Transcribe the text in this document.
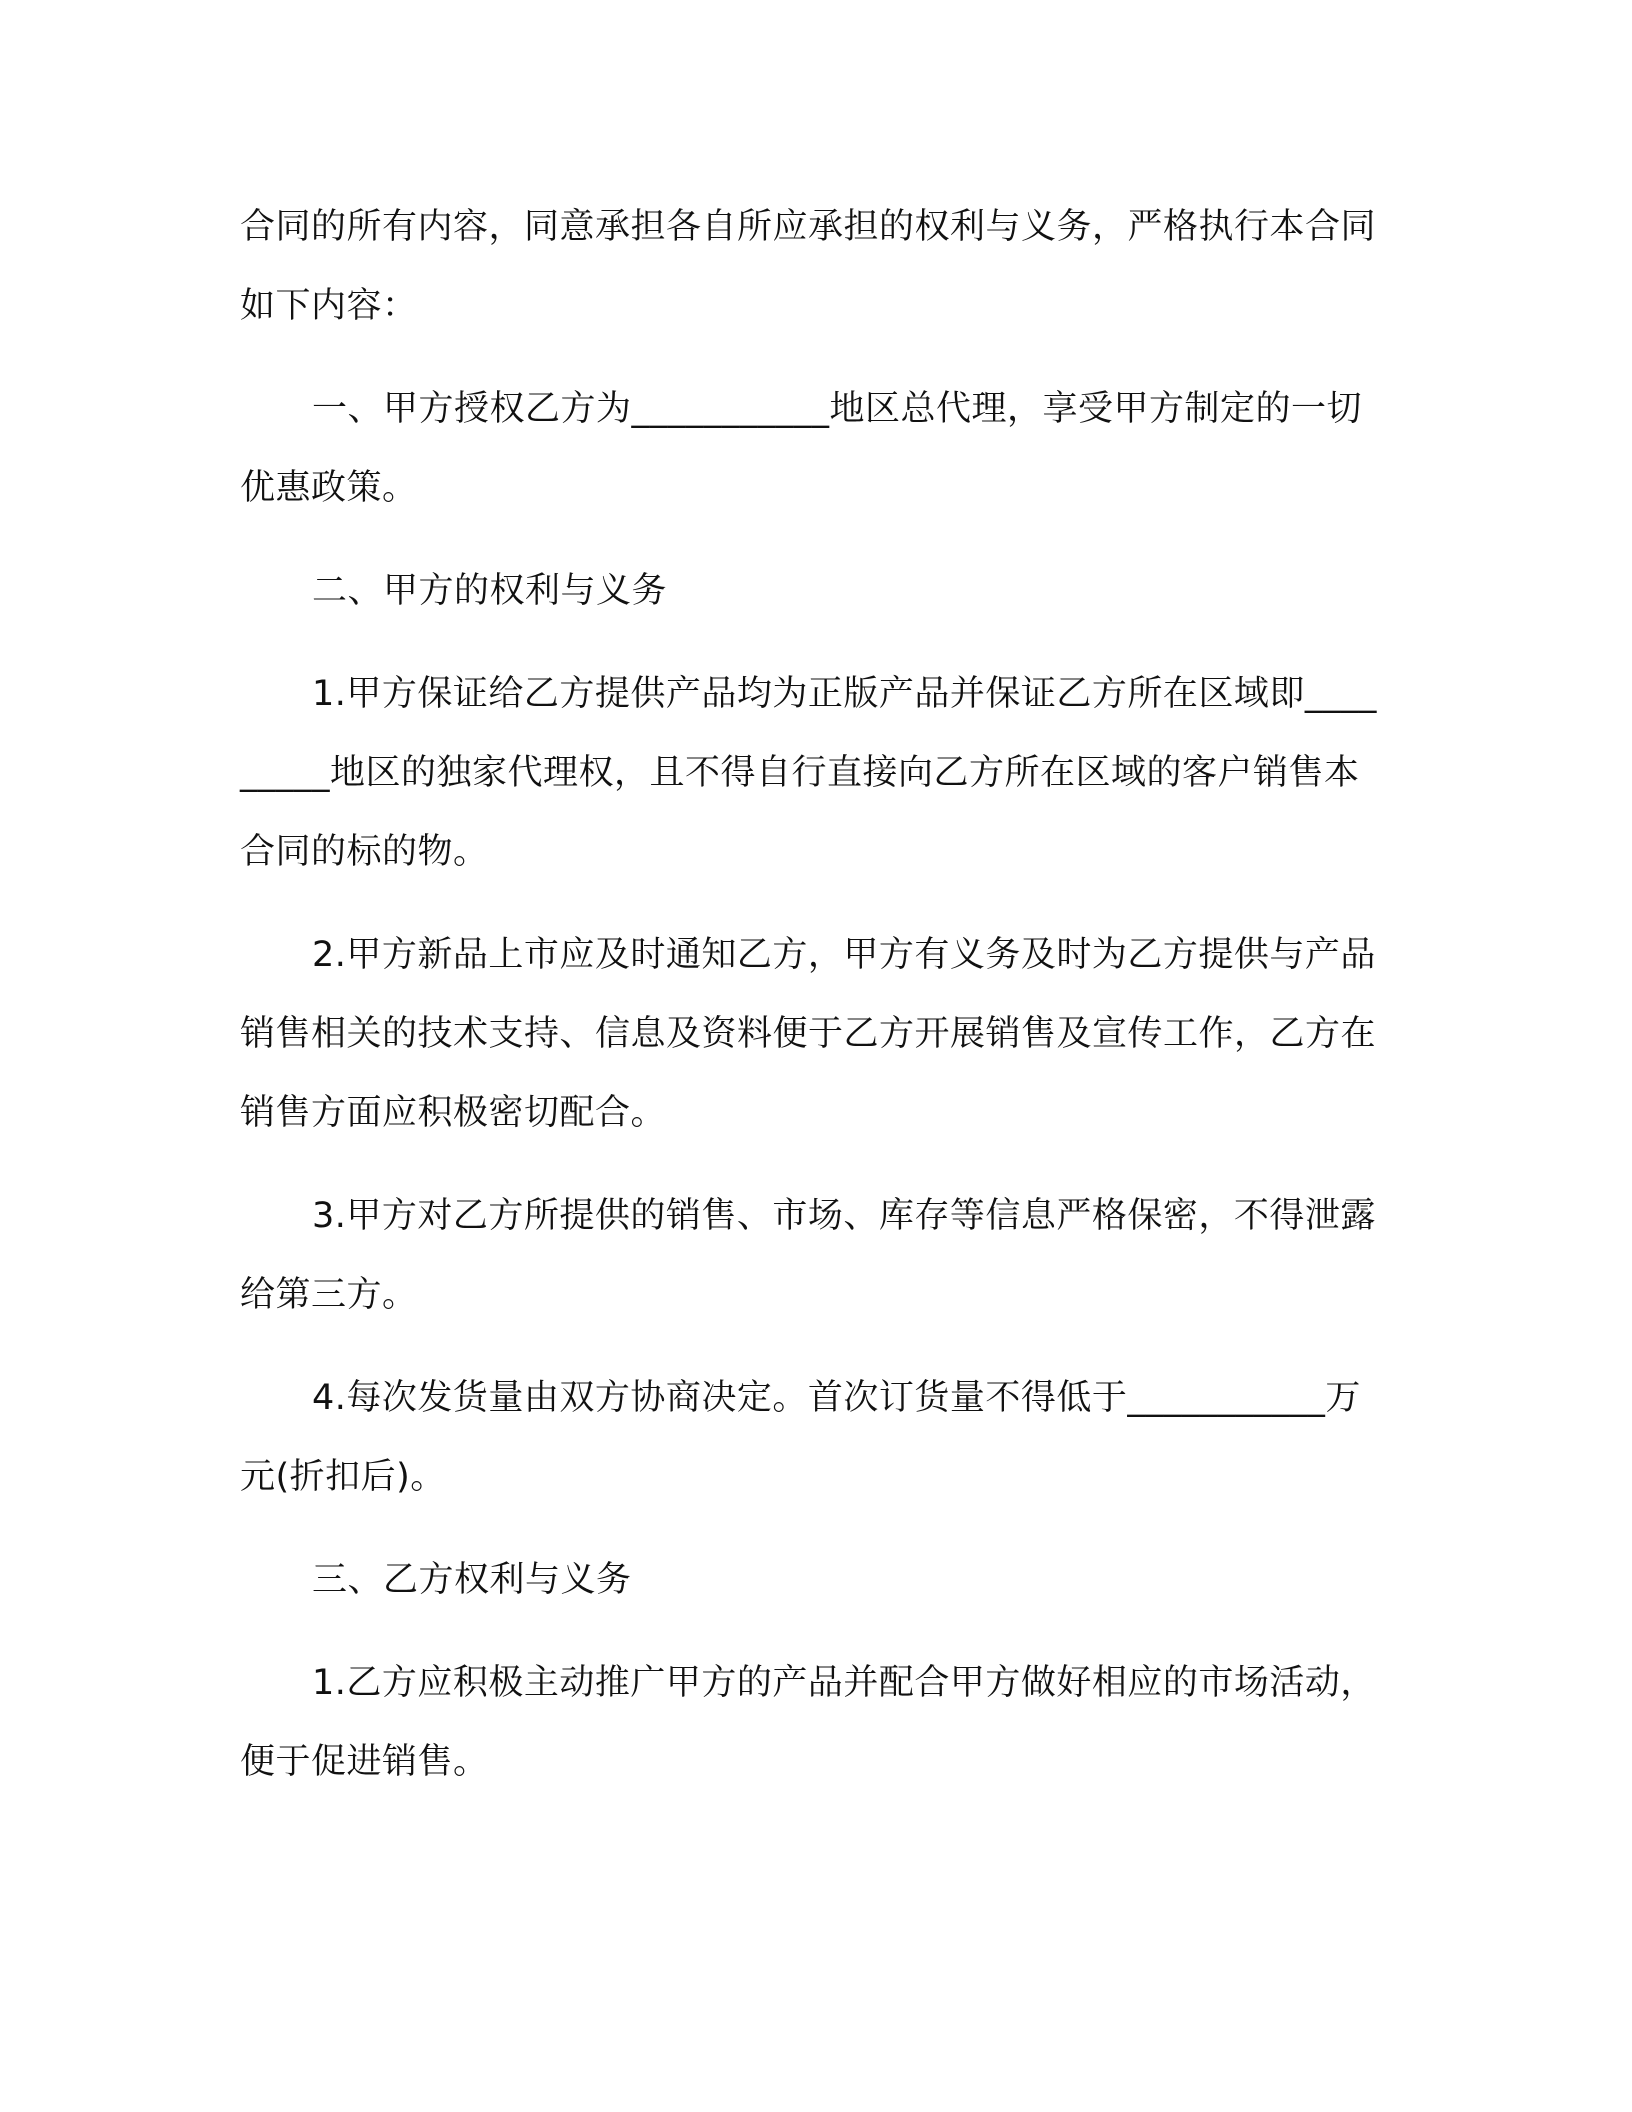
合同的所有内容，同意承担各自所应承担的权利与义务，严格执行本合同如下内容：

一、甲方授权乙方为___________地区总代理，享受甲方制定的一切优惠政策。

二、甲方的权利与义务

1.甲方保证给乙方提供产品均为正版产品并保证乙方所在区域即_________地区的独家代理权，且不得自行直接向乙方所在区域的客户销售本合同的标的物。

2.甲方新品上市应及时通知乙方，甲方有义务及时为乙方提供与产品销售相关的技术支持、信息及资料便于乙方开展销售及宣传工作，乙方在销售方面应积极密切配合。

3.甲方对乙方所提供的销售、市场、库存等信息严格保密，不得泄露给第三方。

4.每次发货量由双方协商决定。首次订货量不得低于___________万元(折扣后)。

三、乙方权利与义务

1.乙方应积极主动推广甲方的产品并配合甲方做好相应的市场活动，便于促进销售。
